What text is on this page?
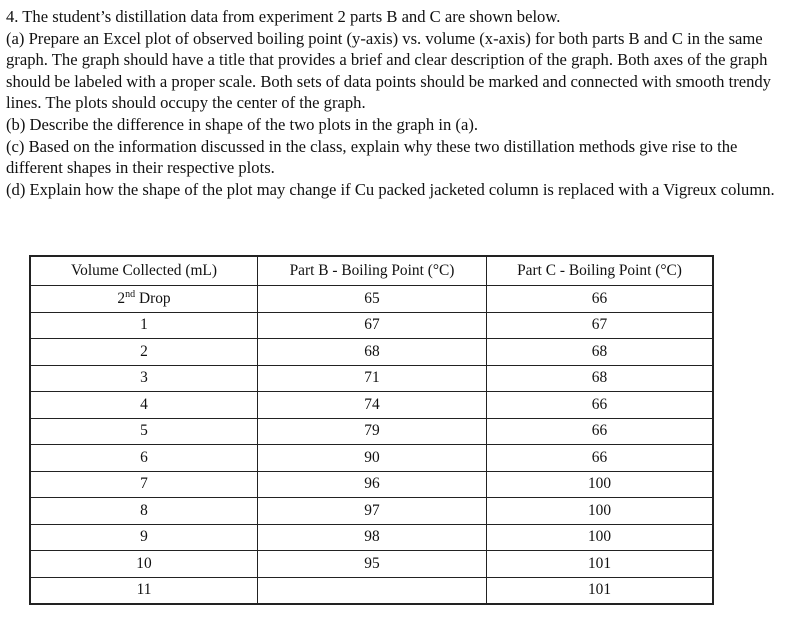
4. The student’s distillation data from experiment 2 parts B and C are shown below.

(a) Prepare an Excel plot of observed boiling point (y-axis) vs. volume (x-axis) for both parts B and C in the same graph. The graph should have a title that provides a brief and clear description of the graph. Both axes of the graph should be labeled with a proper scale. Both sets of data points should be marked and connected with smooth trendy lines. The plots should occupy the center of the graph.

(b) Describe the difference in shape of the two plots in the graph in (a).

(c) Based on the information discussed in the class, explain why these two distillation methods give rise to the different shapes in their respective plots.

(d) Explain how the shape of the plot may change if Cu packed jacketed column is replaced with a Vigreux column.

Volume Collected (mL)	Part B - Boiling Point (°C)	Part C - Boiling Point (°C)
2nd Drop	65	66
1	67	67
2	68	68
3	71	68
4	74	66
5	79	66
6	90	66
7	96	100
8	97	100
9	98	100
10	95	101
11		101
